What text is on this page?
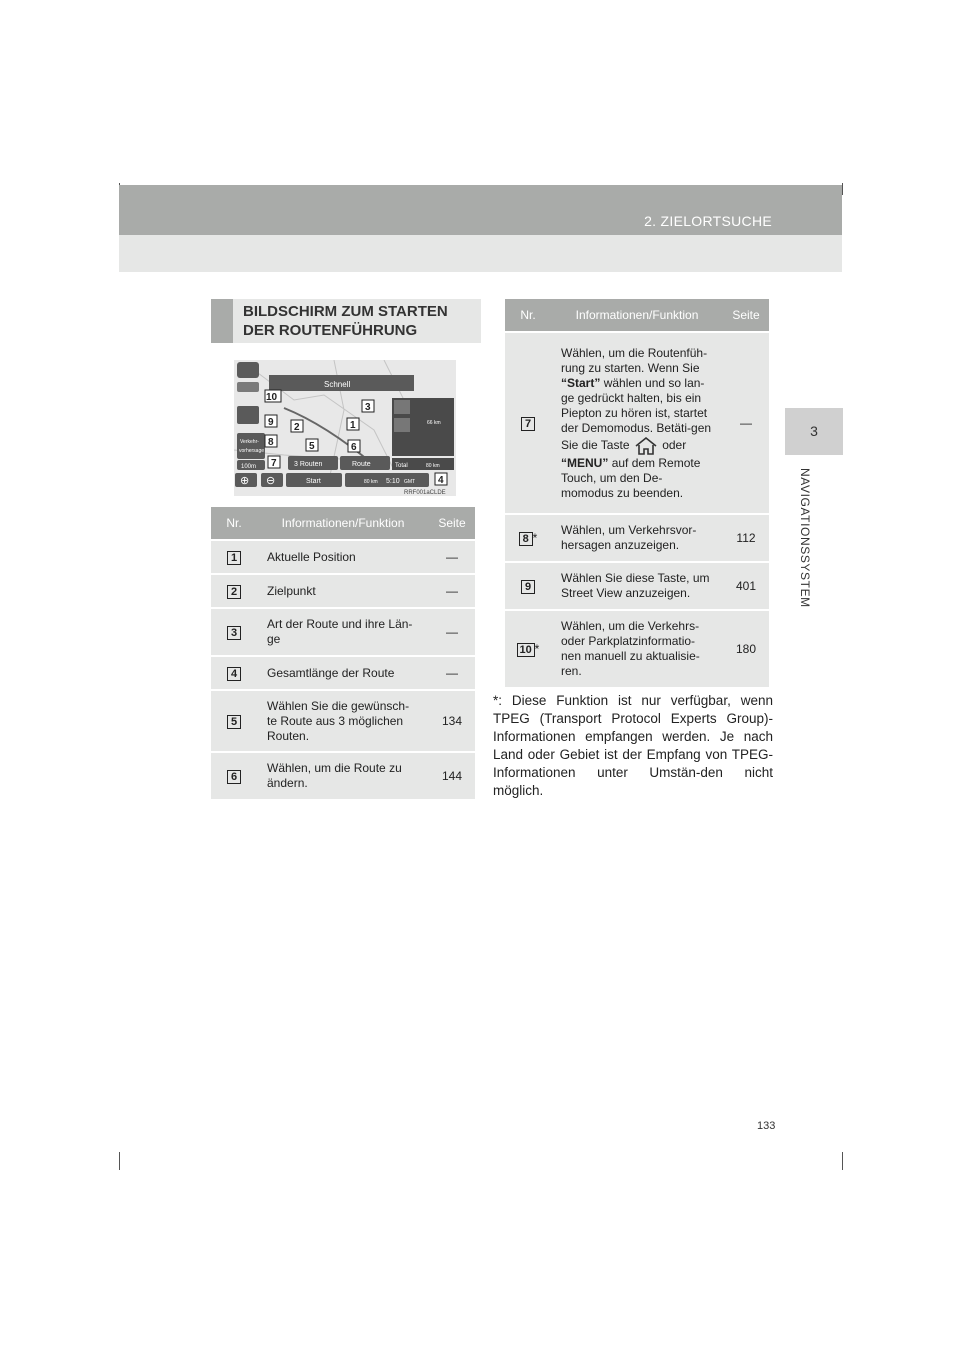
2. ZIELORTSUCHE
3
NAVIGATIONSSYSTEM
BILDSCHIRM ZUM STARTEN
DER ROUTENFÜHRUNG
Verkehr-
vorhersage
100m
⊕ ⊖
Schnell
66 km
3 Routen	Route	Total	80 km
Start	80 km 5:10 GMT
RRF001aCLDE
1
2
3
4
5	6
7
8
9
10
Nr.	Informationen/Funktion	Seite
1	Aktuelle Position	—
2	Zielpunkt	—
3	Art der Route und ihre Län-ge	—
4	Gesamtlänge der Route	—
5	Wählen Sie die gewünsch-te Route aus 3 möglichen Routen.	134
6	Wählen, um die Route zu ändern.	144
Nr.	Informationen/Funktion	Seite
7	Wählen, um die Routenfüh-rung zu starten. Wenn Sie “Start” wählen und so lan-ge gedrückt halten, bis ein Piepton zu hören ist, startet der Demomodus. Betäti-gen Sie die Taste oder “MENU” auf dem Remote Touch, um den De-momodus zu beenden.	—
8 *	Wählen, um Verkehrsvor-hersagen anzuzeigen.	112
9	Wählen Sie diese Taste, um Street View anzuzeigen.	401
10 *	Wählen, um die Verkehrs- oder Parkplatzinformatio-nen manuell zu aktualisie-ren.	180
*: Diese Funktion ist nur verfügbar, wenn TPEG (Transport Protocol Experts Group)-Informationen empfangen werden. Je nach Land oder Gebiet ist der Empfang von TPEG-Informationen unter Umstän-den nicht möglich.
133
